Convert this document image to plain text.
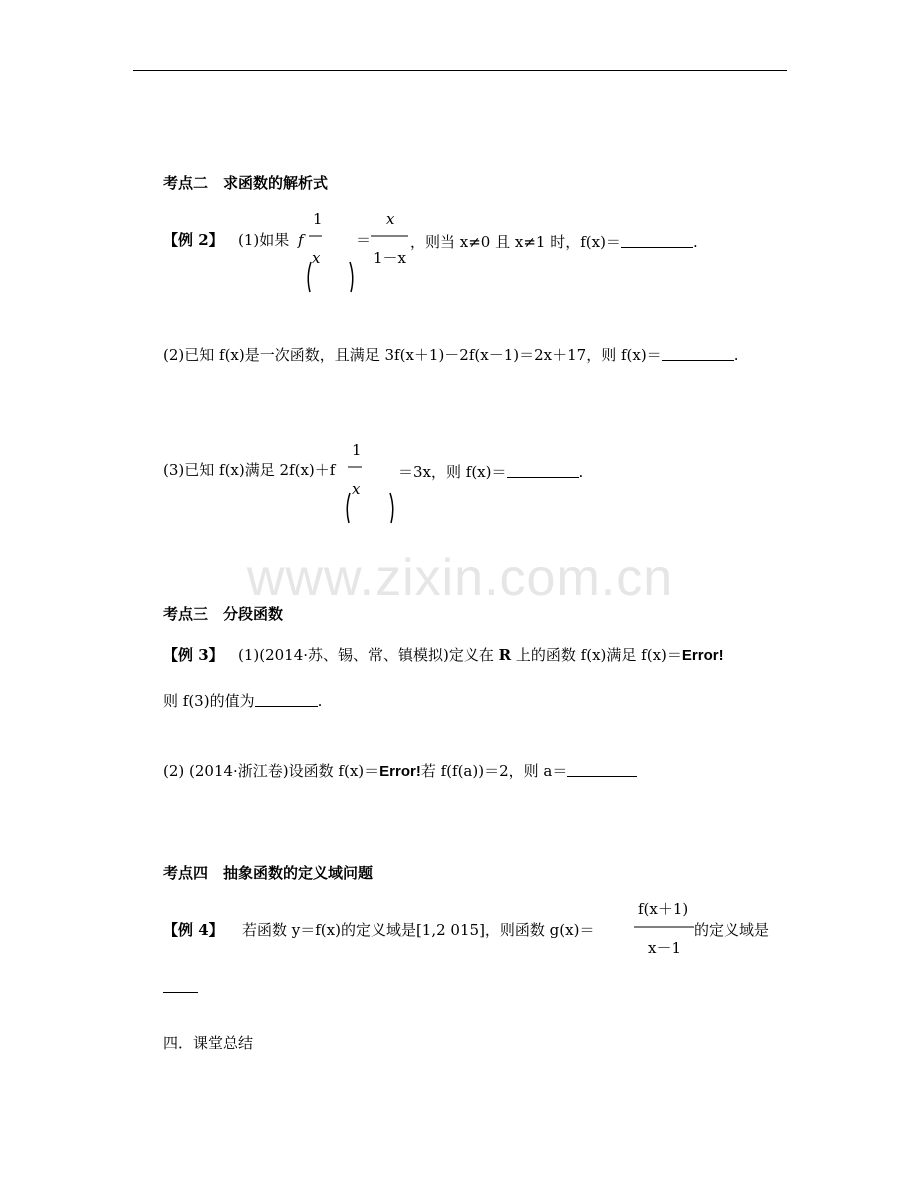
www.zixin.com.cn
考点二　求函数的解析式
【例 2】 (1)如果 f
1
x
＝
x
1－x
，则当 x≠0 且 x≠1 时，f(x)＝	.
(2)已知 f(x)是一次函数，且满足 3f(x＋1)－2f(x－1)＝2x＋17，则 f(x)＝	.
(3)已知 f(x)满足 2f(x)＋f
1
x
＝3x，则 f(x)＝	.
考点三　分段函数
【例 3】 (1)(2014·苏、锡、常、镇模拟)定义在 R 上的函数 f(x)满足 f(x)＝Error!
则 f(3)的值为	.
(2) (2014·浙江卷)设函数 f(x)＝Error!若 f(f(a))＝2，则 a＝
考点四　抽象函数的定义域问题
【例 4】 若函数 y＝f(x)的定义域是[1,2 015]，则函数 g(x)＝
f(x＋1)
x－1
的定义域是
四．课堂总结
